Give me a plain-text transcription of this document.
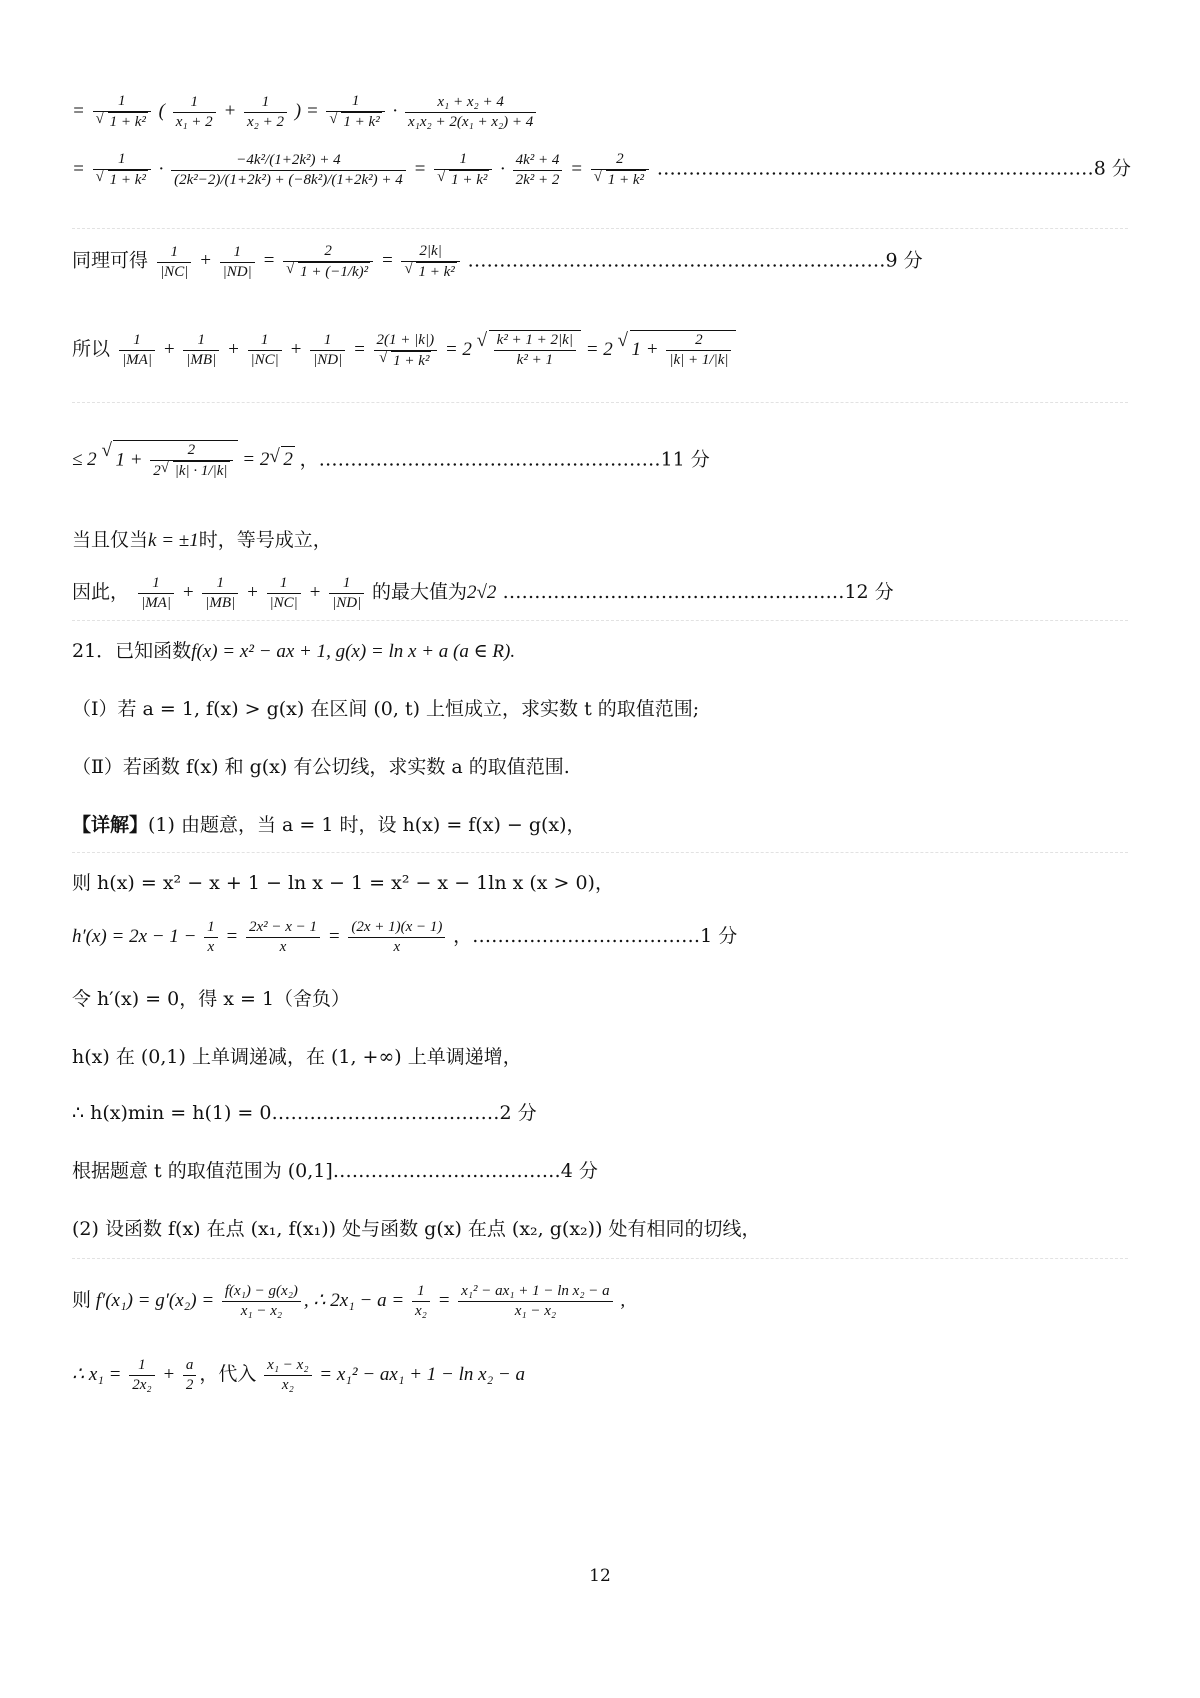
= 1
√ 1 + k² ( $\frac{1}{\text{x₁ + 2}} + \frac{1}{\text{x₂ + 2}}$ ) = 1
√ $1 + k^2 \cdot \frac{\text{x₁ + x₂ + 4}}{\text{x₁x₂ + 2(x₁ + x₂) + 4}}$
= 1
√ $1 + k^2 \cdot \frac{\text{−4k²/(1+2k²) + 4}}{\text{(2k²−2)/(1+2k²) + (−8k²)/(1+2k²) + 4}} = 1$
√ $1 + k^2 \cdot \frac{\text{4k² + 4}}{\text{2k² + 2}} = 2$
√ 1 + k² ……………………………………………………………8 分
同理可得 $\frac{1}{|NC|} + \frac{1}{|ND|} = 2$
√ 1 + (−1/k)² = 2|k|
√ 1 + k² …………………………………………………………9 分
所以 $\frac{1}{|MA|} + \frac{1}{|MB|} + \frac{1}{|NC|} + \frac{1}{|ND|} = 2(1 + |k|)$
√ 1 + k² = 2
√ $\frac{\text{k² + 1 + 2|k|}}{\text{k² + 1}} = 2$ √ $1 + \frac{2}{|k| + 1/|k|}$
≤ 2 √ $1 + \frac{2}{2√ |k| \cdot 1/|k|} = 2√$ 2 ，………………………………………………11 分
当且仅当k = ±1时，等号成立，
因此， $\frac{1}{|MA|} + \frac{1}{|MB|} + \frac{1}{|NC|} + \frac{1}{|ND|}$ 的最大值为2√2 ………………………………………………12 分
21．已知函数f(x) = x² − ax + 1, g(x) = ln x + a (a ∈ R).
（Ⅰ）若 a = 1, f(x) > g(x) 在区间 (0, t) 上恒成立，求实数 t 的取值范围;
（Ⅱ）若函数 f(x) 和 g(x) 有公切线，求实数 a 的取值范围.
【详解】(1) 由题意，当 a = 1 时，设 h(x) = f(x) − g(x)，
则 h(x) = x² − x + 1 − ln x − 1 = x² − x − 1ln x (x > 0)，
$h'(x) = 2x - 1 - \frac{1}{x} = \frac{\text{2x² − x − 1}}{x} = \frac{(2x + 1)(x - 1)}{x}$ ，………………………………1 分
令 h′(x) = 0，得 x = 1（舍负）
h(x) 在 (0,1) 上单调递减，在 (1, +∞) 上单调递增，
∴ h(x)min = h(1) = 0………………………………2 分
根据题意 t 的取值范围为 (0,1]………………………………4 分
(2) 设函数 f(x) 在点 (x₁, f(x₁)) 处与函数 g(x) 在点 (x₂, g(x₂)) 处有相同的切线，
则 $f'(x_1) = g'(x_2) = \frac{\text{f(x₁) − g(x₂)}}{\text{x₁ − x₂}}$ , ∴ $2x_1 - a = \frac{1}{\text{x₂}} = \frac{\text{x₁² − ax₁ + 1 − ln x₂ − a}}{\text{x₁ − x₂}}$ ,
∴ $x_1 = \frac{1}{\text{2x₂}} + \frac{a}{2}$ ，代入 $\frac{\text{x₁ − x₂}}{\text{x₂}} = x_1^2 - ax_1 + 1 - \ln x_2 - a$
12
